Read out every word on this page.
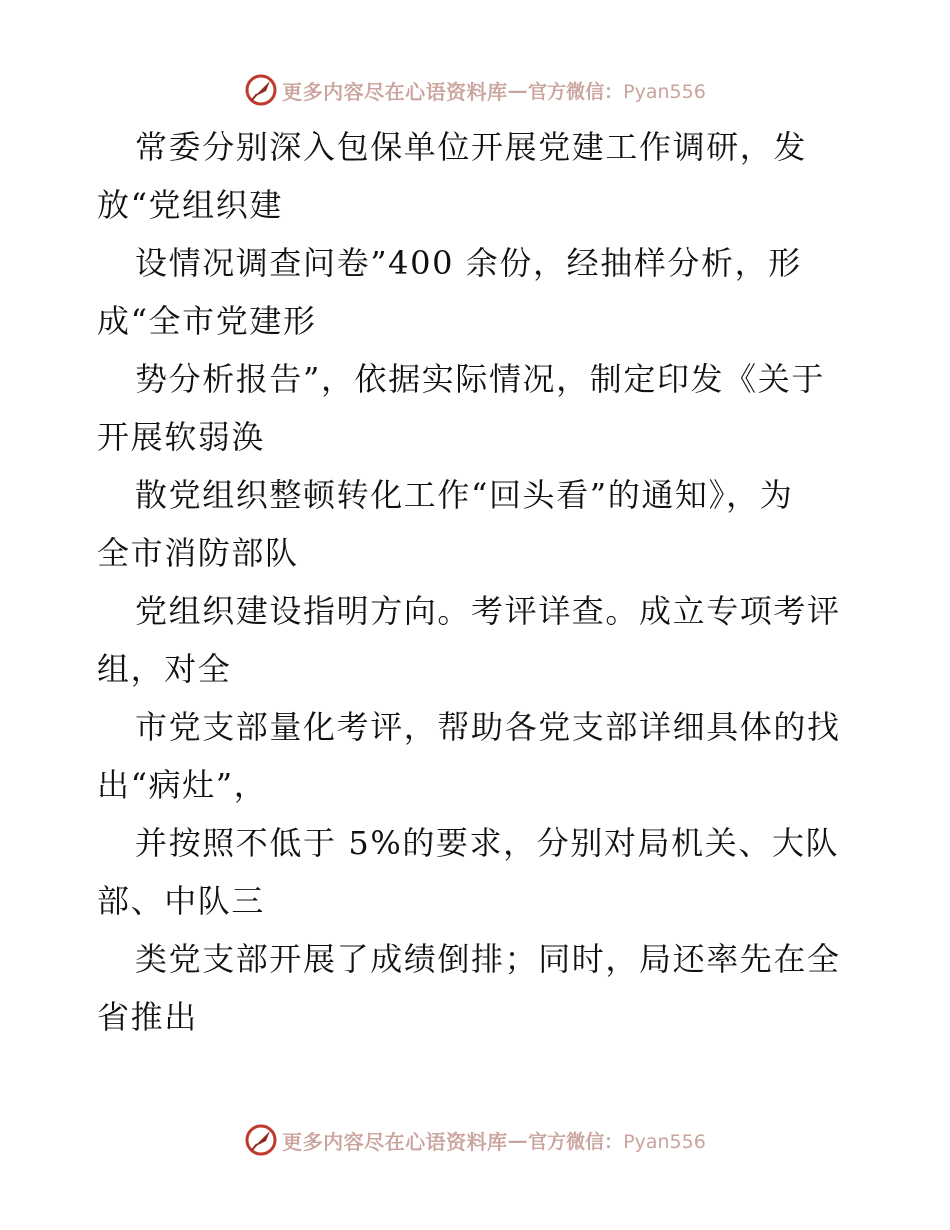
更多内容尽在心语资料库 — 官方微信：Pyan556
常委分别深入包保单位开展党建工作调研，发
放“党组织建
设情况调查问卷”400 余份，经抽样分析，形
成“全市党建形
势分析报告”，依据实际情况，制定印发《关于
开展软弱涣
散党组织整顿转化工作“回头看”的通知》，为
全市消防部队
党组织建设指明方向。考评详查。成立专项考评
组，对全
市党支部量化考评，帮助各党支部详细具体的找
出“病灶”，
并按照不低于 5%的要求，分别对局机关、大队
部、中队三
类党支部开展了成绩倒排；同时，局还率先在全
省推出
更多内容尽在心语资料库 — 官方微信：Pyan556
